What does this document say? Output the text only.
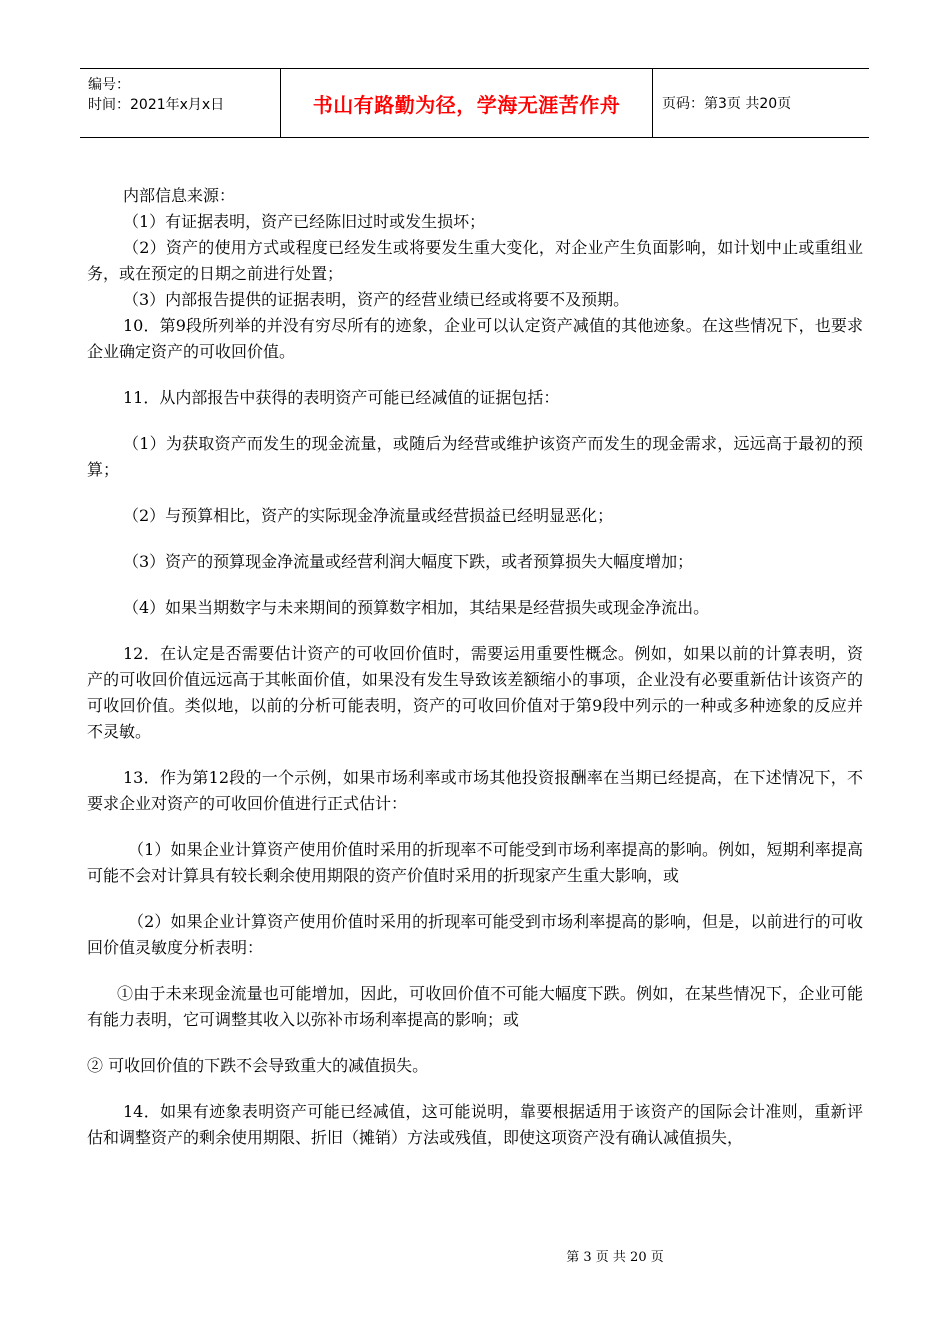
编号：
时间：2021年x月x日	书山有路勤为径，学海无涯苦作舟	页码：第3页 共20页

内部信息来源：

（1）有证据表明，资产已经陈旧过时或发生损坏；

（2）资产的使用方式或程度已经发生或将要发生重大变化，对企业产生负面影响，如计划中止或重组业务，或在预定的日期之前进行处置；

（3）内部报告提供的证据表明，资产的经营业绩已经或将要不及预期。

10．第9段所列举的并没有穷尽所有的迹象，企业可以认定资产减值的其他迹象。在这些情况下，也要求企业确定资产的可收回价值。

11．从内部报告中获得的表明资产可能已经减值的证据包括：

（1）为获取资产而发生的现金流量，或随后为经营或维护该资产而发生的现金需求，远远高于最初的预算；

（2）与预算相比，资产的实际现金净流量或经营损益已经明显恶化；

（3）资产的预算现金净流量或经营利润大幅度下跌，或者预算损失大幅度增加；

（4）如果当期数字与未来期间的预算数字相加，其结果是经营损失或现金净流出。

12．在认定是否需要估计资产的可收回价值时，需要运用重要性概念。例如，如果以前的计算表明，资产的可收回价值远远高于其帐面价值，如果没有发生导致该差额缩小的事项，企业没有必要重新估计该资产的可收回价值。类似地，以前的分析可能表明，资产的可收回价值对于第9段中列示的一种或多种迹象的反应并不灵敏。

13．作为第12段的一个示例，如果市场利率或市场其他投资报酬率在当期已经提高，在下述情况下，不要求企业对资产的可收回价值进行正式估计：

（1）如果企业计算资产使用价值时采用的折现率不可能受到市场利率提高的影响。例如，短期利率提高可能不会对计算具有较长剩余使用期限的资产价值时采用的折现家产生重大影响，或

（2）如果企业计算资产使用价值时采用的折现率可能受到市场利率提高的影响，但是，以前进行的可收回价值灵敏度分析表明：

①由于未来现金流量也可能增加，因此，可收回价值不可能大幅度下跌。例如，在某些情况下，企业可能有能力表明，它可调整其收入以弥补市场利率提高的影响；或

② 可收回价值的下跌不会导致重大的减值损失。

14．如果有迹象表明资产可能已经减值，这可能说明，靠要根据适用于该资产的国际会计准则，重新评估和调整资产的剩余使用期限、折旧（摊销）方法或残值，即使这项资产没有确认减值损失，

第 3 页 共 20 页
